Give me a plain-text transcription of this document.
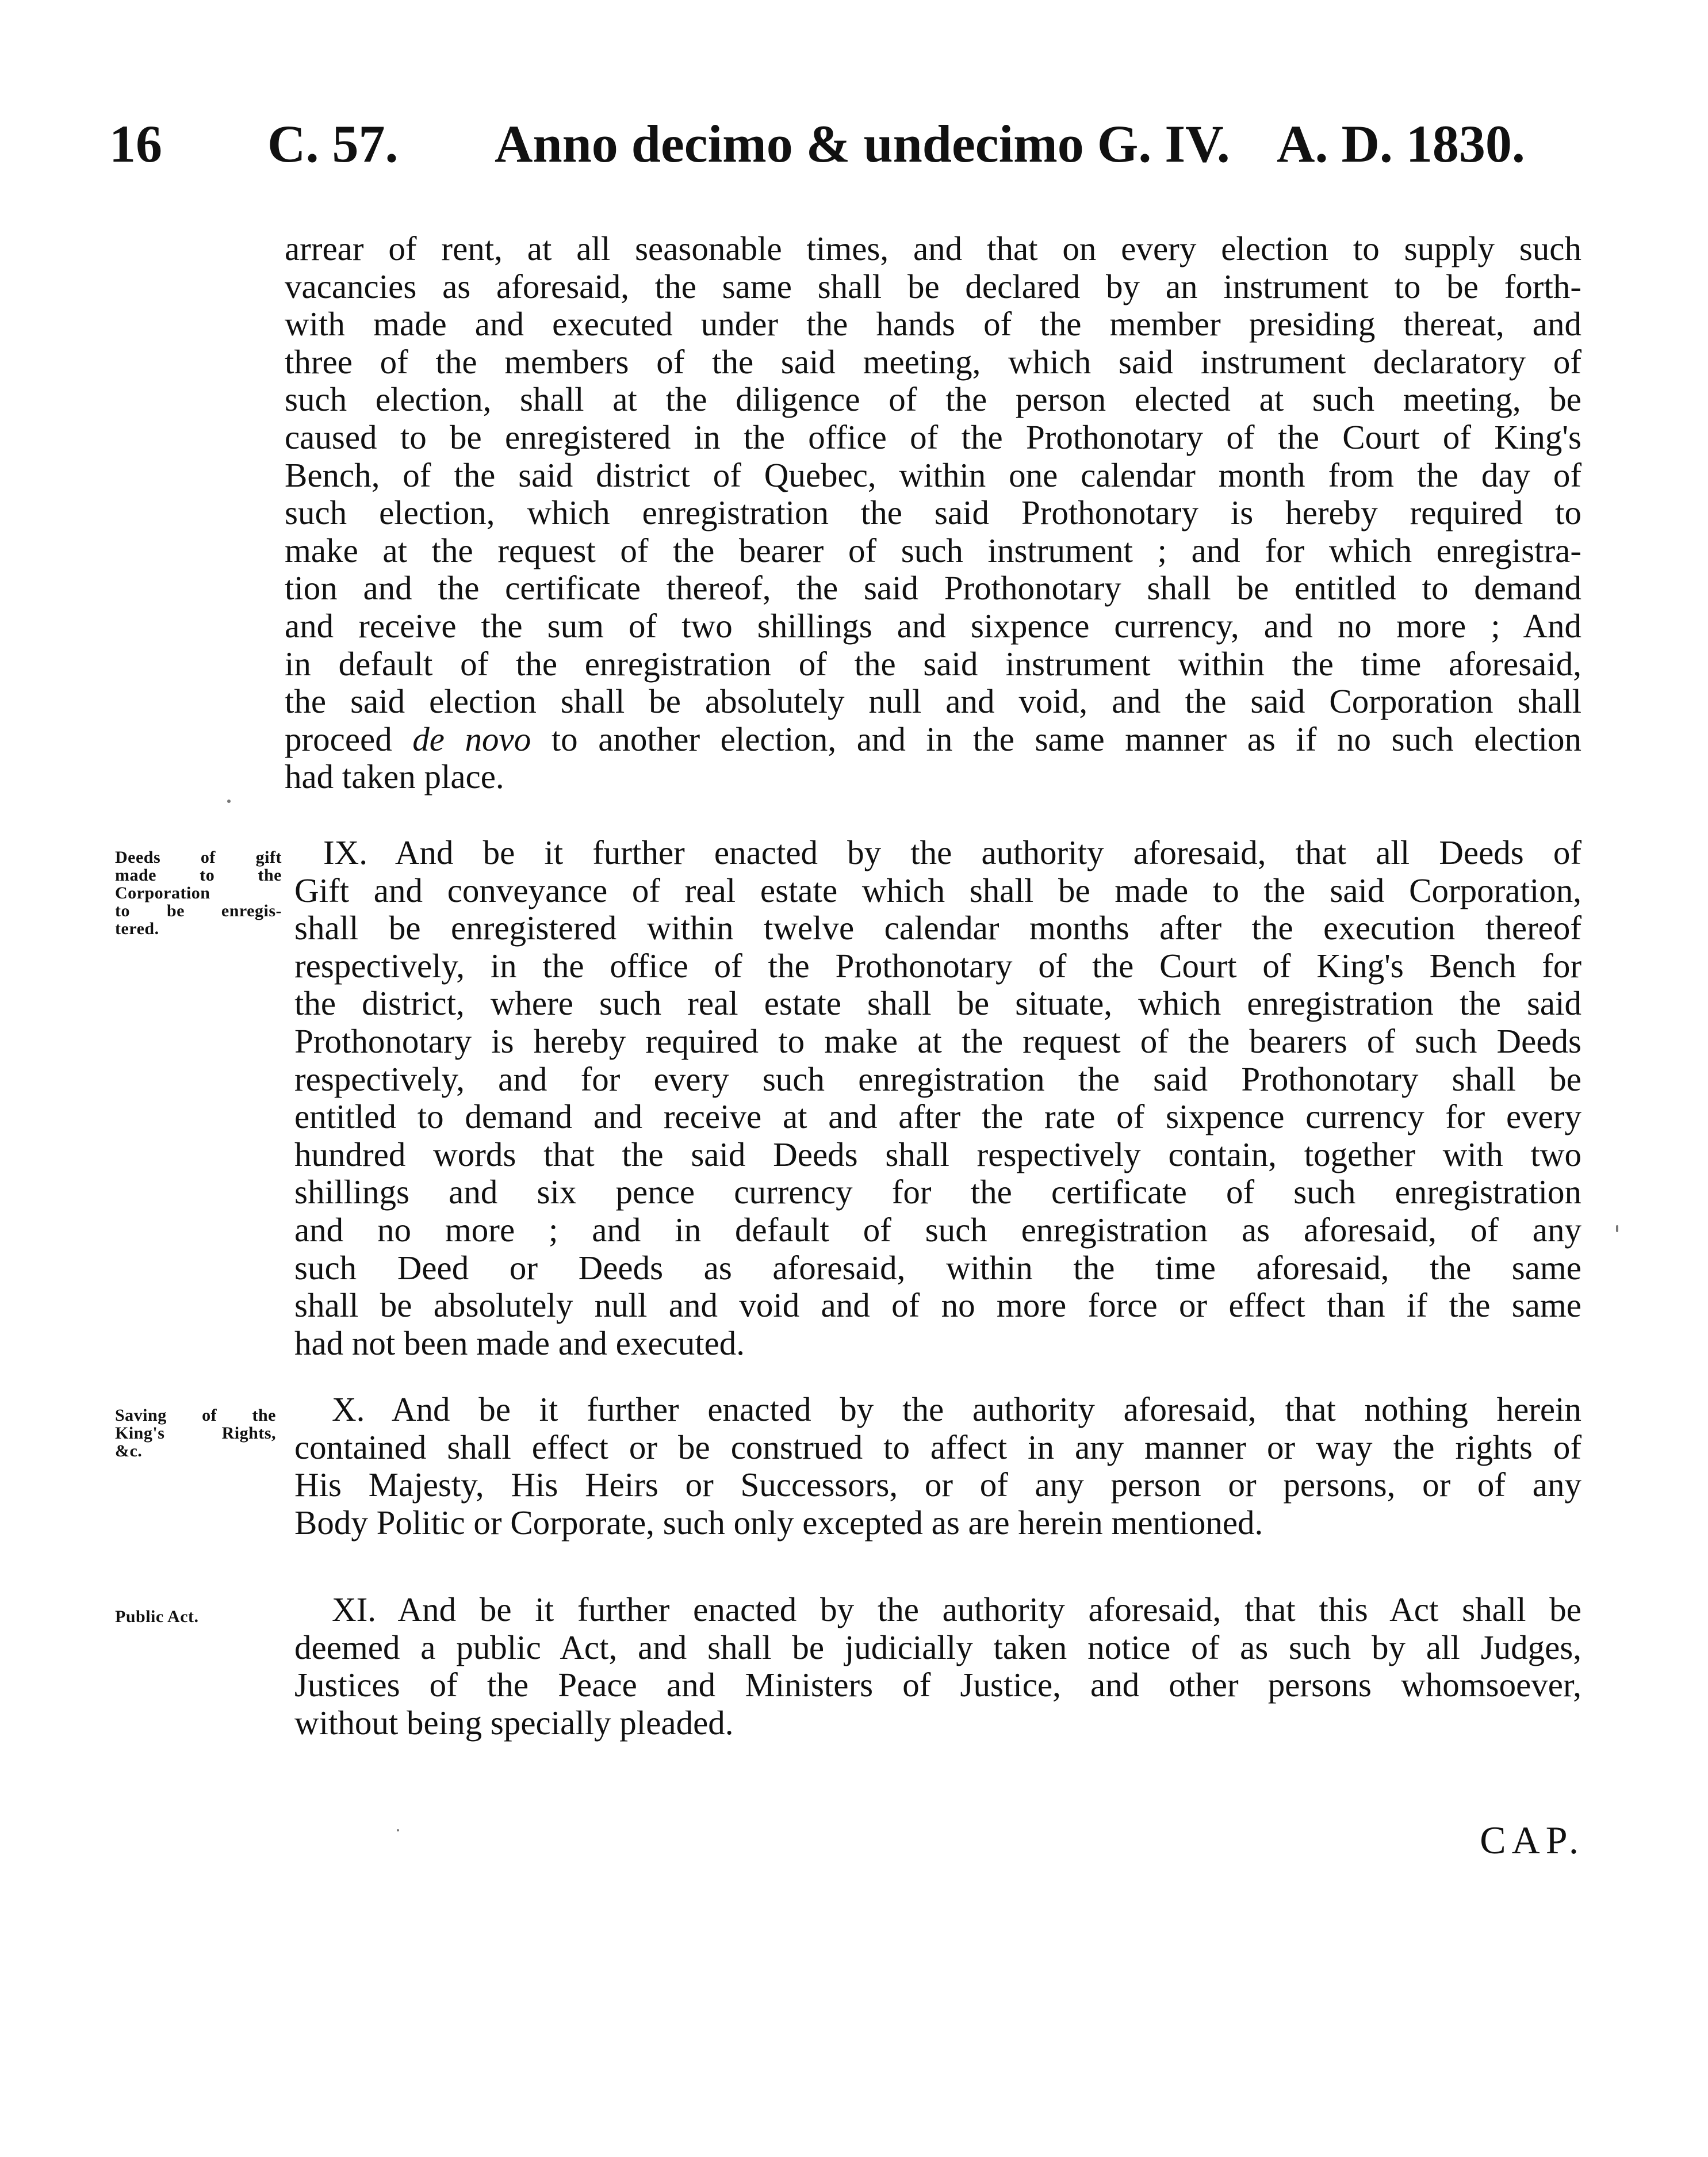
16 C. 57. Anno decimo & undecimo G. IV. A. D. 1830.
arrear of rent, at all seasonable times, and that on every election to supply such
vacancies as aforesaid, the same shall be declared by an instrument to be forth-
with made and executed under the hands of the member presiding thereat, and
three of the members of the said meeting, which said instrument declaratory of
such election, shall at the diligence of the person elected at such meeting, be
caused to be enregistered in the office of the Prothonotary of the Court of King's
Bench, of the said district of Quebec, within one calendar month from the day of
such election, which enregistration the said Prothonotary is hereby required to
make at the request of the bearer of such instrument ; and for which enregistra-
tion and the certificate thereof, the said Prothonotary shall be entitled to demand
and receive the sum of two shillings and sixpence currency, and no more ; And
in default of the enregistration of the said instrument within the time aforesaid,
the said election shall be absolutely null and void, and the said Corporation shall
proceed de novo to another election, and in the same manner as if no such election
had taken place.
Deeds of gift
made to the
Corporation
to be enregis-
tered.
IX. And be it further enacted by the authority aforesaid, that all Deeds of
Gift and conveyance of real estate which shall be made to the said Corporation,
shall be enregistered within twelve calendar months after the execution thereof
respectively, in the office of the Prothonotary of the Court of King's Bench for
the district, where such real estate shall be situate, which enregistration the said
Prothonotary is hereby required to make at the request of the bearers of such Deeds
respectively, and for every such enregistration the said Prothonotary shall be
entitled to demand and receive at and after the rate of sixpence currency for every
hundred words that the said Deeds shall respectively contain, together with two
shillings and six pence currency for the certificate of such enregistration
and no more ; and in default of such enregistration as aforesaid, of any
such Deed or Deeds as aforesaid, within the time aforesaid, the same
shall be absolutely null and void and of no more force or effect than if the same
had not been made and executed.
Saving of the
King's Rights,
&c.
X. And be it further enacted by the authority aforesaid, that nothing herein
contained shall effect or be construed to affect in any manner or way the rights of
His Majesty, His Heirs or Successors, or of any person or persons, or of any
Body Politic or Corporate, such only excepted as are herein mentioned.
Public Act.	XI. And be it further enacted by the authority aforesaid, that this Act shall be
deemed a public Act, and shall be judicially taken notice of as such by all Judges,
Justices of the Peace and Ministers of Justice, and other persons whomsoever,
without being specially pleaded.
CAP.
